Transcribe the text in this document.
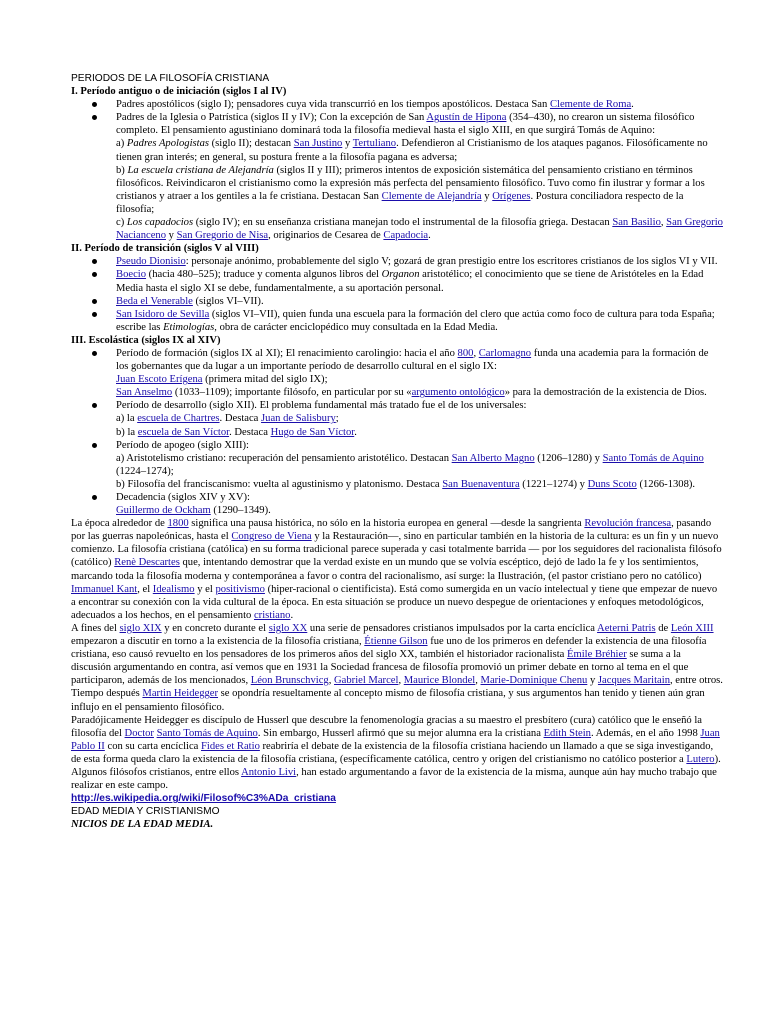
PERIODOS DE LA FILOSOFÍA CRISTIANA
I. Período antiguo o de iniciación (siglos I al IV)
Padres apostólicos (siglo I); pensadores cuya vida transcurrió en los tiempos apostólicos. Destaca San Clemente de Roma.
Padres de la Iglesia o Patrística (siglos II y IV); Con la excepción de San Agustín de Hipona (354–430), no crearon un sistema filosófico completo. El pensamiento agustiniano dominará toda la filosofía medieval hasta el siglo XIII, en que surgirá Tomás de Aquino:
a) Padres Apologistas (siglo II); destacan San Justino y Tertuliano. Defendieron al Cristianismo de los ataques paganos. Filosóficamente no tienen gran interés; en general, su postura frente a la filosofía pagana es adversa;
b) La escuela cristiana de Alejandría (siglos II y III); primeros intentos de exposición sistemática del pensamiento cristiano en términos filosóficos. Reivindicaron el cristianismo como la expresión más perfecta del pensamiento filosófico. Tuvo como fin ilustrar y formar a los cristianos y atraer a los gentiles a la fe cristiana. Destacan San Clemente de Alejandría y Orígenes. Postura conciliadora respecto de la filosofía;
c) Los capadocios (siglo IV); en su enseñanza cristiana manejan todo el instrumental de la filosofía griega. Destacan San Basilio, San Gregorio Nacianceno y San Gregorio de Nisa, originarios de Cesarea de Capadocia.
II. Período de transición (siglos V al VIII)
Pseudo Dionisio: personaje anónimo, probablemente del siglo V; gozará de gran prestigio entre los escritores cristianos de los siglos VI y VII.
Boecio (hacia 480–525); traduce y comenta algunos libros del Organon aristotélico; el conocimiento que se tiene de Aristóteles en la Edad Media hasta el siglo XI se debe, fundamentalmente, a su aportación personal.
Beda el Venerable (siglos VI–VII).
San Isidoro de Sevilla (siglos VI–VII), quien funda una escuela para la formación del clero que actúa como foco de cultura para toda España; escribe las Etimologías, obra de carácter enciclopédico muy consultada en la Edad Media.
III. Escolástica (siglos IX al XIV)
Período de formación (siglos IX al XI); El renacimiento carolingio: hacia el año 800, Carlomagno funda una academia para la formación de los gobernantes que da lugar a un importante período de desarrollo cultural en el siglo IX:
Juan Escoto Erígena (primera mitad del siglo IX);
San Anselmo (1033–1109); importante filósofo, en particular por su «argumento ontológico» para la demostración de la existencia de Dios.
Período de desarrollo (siglo XII). El problema fundamental más tratado fue el de los universales:
a) la escuela de Chartres. Destaca Juan de Salisbury;
b) la escuela de San Víctor. Destaca Hugo de San Víctor.
Período de apogeo (siglo XIII):
a) Aristotelismo cristiano: recuperación del pensamiento aristotélico. Destacan San Alberto Magno (1206–1280) y Santo Tomás de Aquino (1224–1274);
b) Filosofía del franciscanismo: vuelta al agustinismo y platonismo. Destaca San Buenaventura (1221–1274) y Duns Scoto (1266-1308).
Decadencia (siglos XIV y XV):
Guillermo de Ockham (1290–1349).

La época alrededor de 1800 significa una pausa histórica, no sólo en la historia europea en general —desde la sangrienta Revolución francesa, pasando por las guerras napoleónicas, hasta el Congreso de Viena y la Restauración—, sino en particular también en la historia de la cultura: es un fin y un nuevo comienzo. La filosofía cristiana (católica) en su forma tradicional parece superada y casi totalmente barrida — por los seguidores del racionalista filósofo (católico) Renè Descartes que, intentando demostrar que la verdad existe en un mundo que se volvía escéptico, dejó de lado la fe y los sentimientos, marcando toda la filosofía moderna y contemporánea a favor o contra del racionalismo, así surge: la Ilustración, (el pastor cristiano pero no católico) Immanuel Kant, el Idealismo y el positivismo (hiper-racional o cientificista). Está como sumergida en un vacío intelectual y tiene que empezar de nuevo a encontrar su conexión con la vida cultural de la época. En esta situación se produce un nuevo despegue de orientaciones y enfoques metodológicos, adecuados a los hechos, en el pensamiento cristiano.

A fines del siglo XIX y en concreto durante el siglo XX una serie de pensadores cristianos impulsados por la carta encíclica Aeterni Patris de León XIII empezaron a discutir en torno a la existencia de la filosofía cristiana, Étienne Gilson fue uno de los primeros en defender la existencia de una filosofía cristiana, eso causó revuelto en los pensadores de los primeros años del siglo XX, también el historiador racionalista Émile Bréhier se suma a la discusión argumentando en contra, así vemos que en 1931 la Sociedad francesa de filosofía promovió un primer debate en torno al tema en el que participaron, además de los mencionados, Léon Brunschvicg, Gabriel Marcel, Maurice Blondel, Marie-Dominique Chenu y Jacques Maritain, entre otros. Tiempo después Martin Heidegger se opondría resueltamente al concepto mismo de filosofía cristiana, y sus argumentos han tenido y tienen aún gran influjo en el pensamiento filosófico.

Paradójicamente Heidegger es discípulo de Husserl que descubre la fenomenología gracias a su maestro el presbítero (cura) católico que le enseñó la filosofía del Doctor Santo Tomás de Aquino. Sin embargo, Husserl afirmó que su mejor alumna era la cristiana Edith Stein. Además, en el año 1998 Juan Pablo II con su carta encíclica Fides et Ratio reabriría el debate de la existencia de la filosofía cristiana haciendo un llamado a que se siga investigando, de esta forma queda claro la existencia de la filosofía cristiana, (específicamente católica, centro y origen del cristianismo no católico posterior a Lutero). Algunos filósofos cristianos, entre ellos Antonio Livi, han estado argumentando a favor de la existencia de la misma, aunque aún hay mucho trabajo que realizar en este campo.

http://es.wikipedia.org/wiki/Filosof%C3%ADa_cristiana
EDAD MEDIA Y CRISTIANISMO
NICIOS DE LA EDAD MEDIA.
